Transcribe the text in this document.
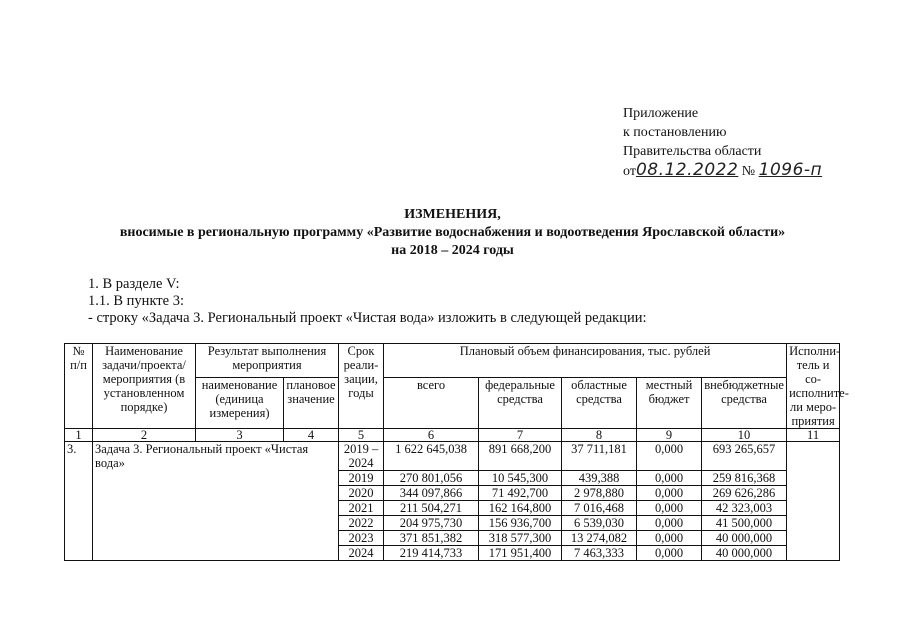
Приложение
к постановлению
Правительства области
от08.12.2022 № 1096-п
ИЗМЕНЕНИЯ,
вносимые в региональную программу «Развитие водоснабжения и водоотведения Ярославской области»
на 2018 – 2024 годы
1. В разделе V:
1.1. В пункте 3:
- строку «Задача 3. Региональный проект «Чистая вода» изложить в следующей редакции:
№ п/п	Наименование задачи/проекта/ мероприятия (в установленном порядке)	Результат выполнения мероприятия		Срок реали-зации, годы	Плановый объем финансирования, тыс. рублей					Исполни-тель и со-исполните-ли меро-приятия
		наименование (единица измерения)	плановое значение		всего	федеральные средства	областные средства	местный бюджет	внебюджетные средства	
1	2	3	4	5	6	7	8	9	10	11
3.	Задача 3. Региональный проект «Чистая вода»			2019 – 2024	1 622 645,038	891 668,200	37 711,181	0,000	693 265,657	
				2019	270 801,056	10 545,300	439,388	0,000	259 816,368	
				2020	344 097,866	71 492,700	2 978,880	0,000	269 626,286	
				2021	211 504,271	162 164,800	7 016,468	0,000	42 323,003	
				2022	204 975,730	156 936,700	6 539,030	0,000	41 500,000	
				2023	371 851,382	318 577,300	13 274,082	0,000	40 000,000	
				2024	219 414,733	171 951,400	7 463,333	0,000	40 000,000	
